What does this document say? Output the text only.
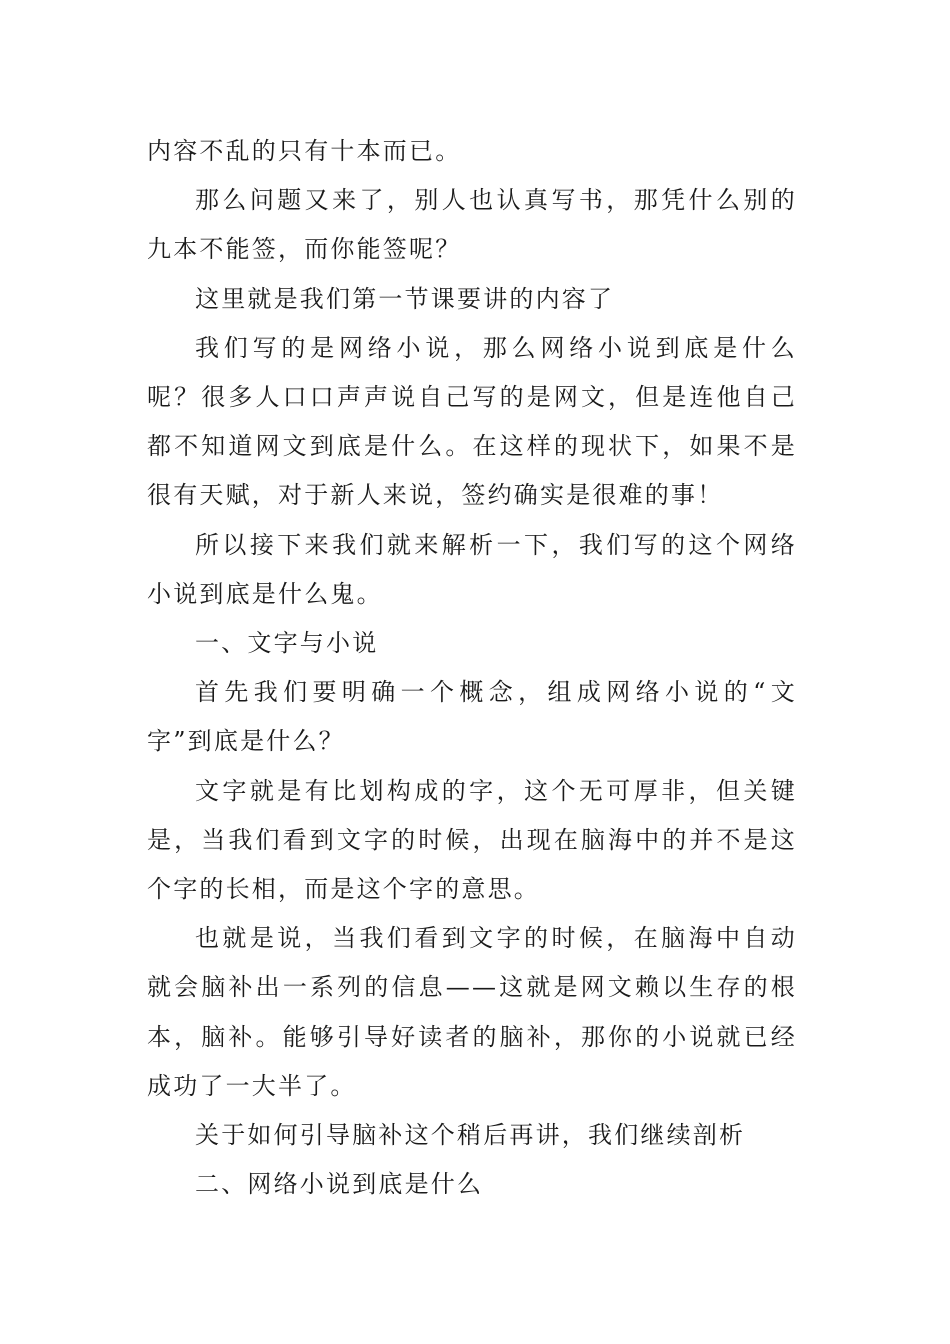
内容不乱的只有十本而已。

那么问题又来了，别人也认真写书，那凭什么别的九本不能签，而你能签呢？

这里就是我们第一节课要讲的内容了

我们写的是网络小说，那么网络小说到底是什么呢？很多人口口声声说自己写的是网文，但是连他自己都不知道网文到底是什么。在这样的现状下，如果不是很有天赋，对于新人来说，签约确实是很难的事！

所以接下来我们就来解析一下，我们写的这个网络小说到底是什么鬼。

一、文字与小说

首先我们要明确一个概念，组成网络小说的“文字”到底是什么？

文字就是有比划构成的字，这个无可厚非，但关键是，当我们看到文字的时候，出现在脑海中的并不是这个字的长相，而是这个字的意思。

也就是说，当我们看到文字的时候，在脑海中自动就会脑补出一系列的信息——这就是网文赖以生存的根本，脑补。能够引导好读者的脑补，那你的小说就已经成功了一大半了。

关于如何引导脑补这个稍后再讲，我们继续剖析

二、网络小说到底是什么
